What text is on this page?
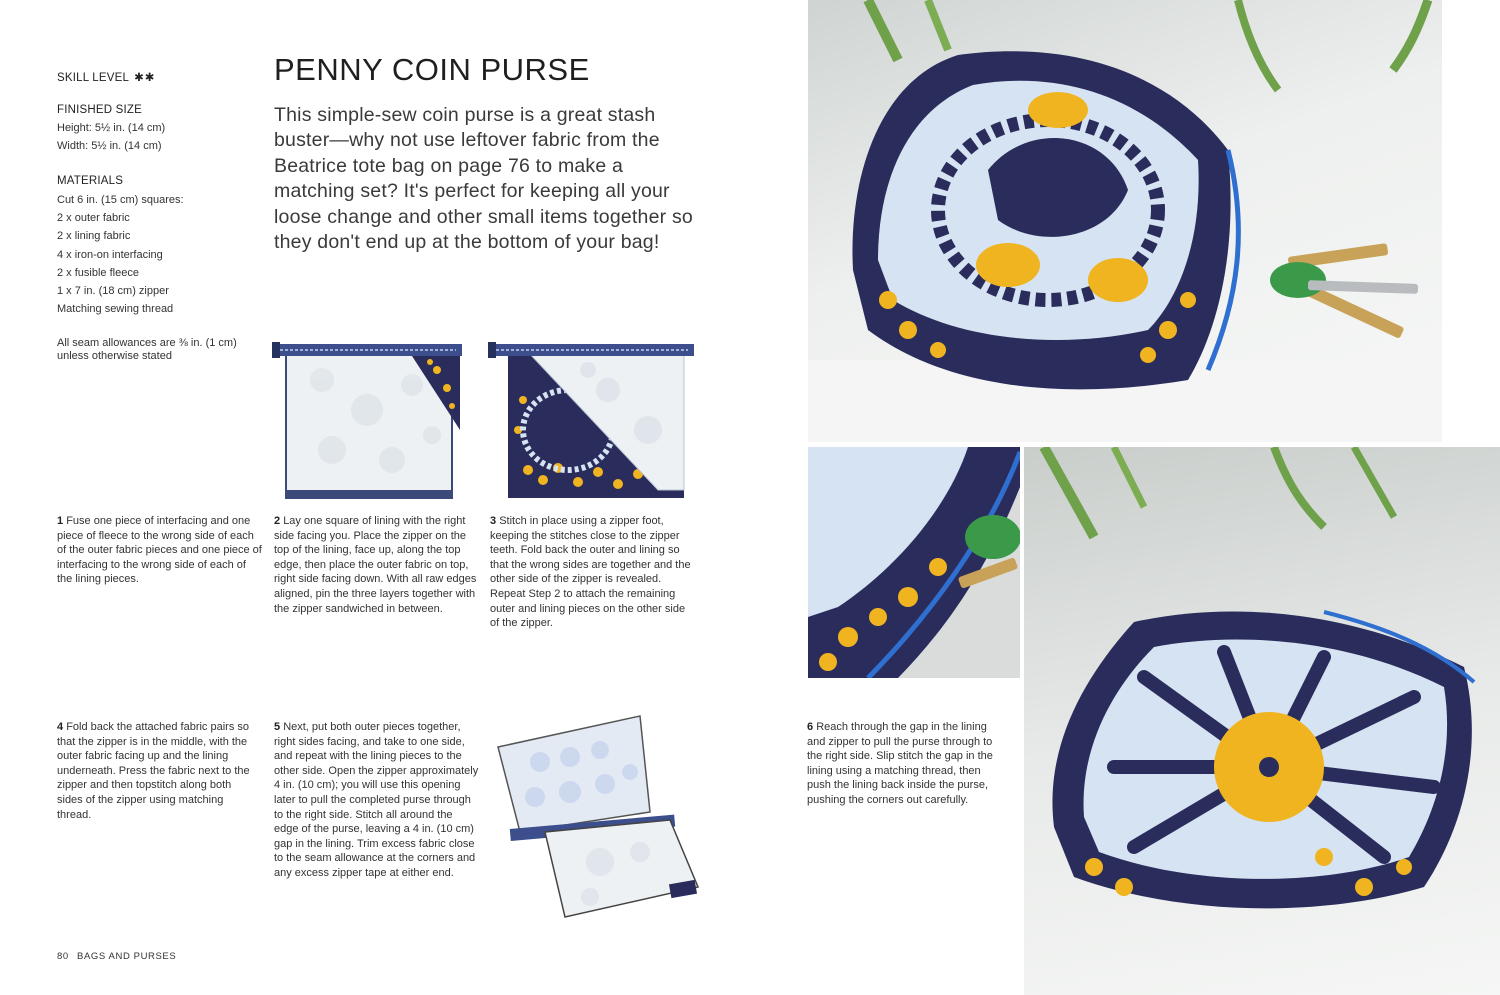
SKILL LEVEL ✱✱
FINISHED SIZE
Height: 5½ in. (14 cm)
Width: 5½ in. (14 cm)
MATERIALS
Cut 6 in. (15 cm) squares:
2 x outer fabric
2 x lining fabric
4 x iron-on interfacing
2 x fusible fleece
1 x 7 in. (18 cm) zipper
Matching sewing thread
All seam allowances are ⅜ in. (1 cm)
unless otherwise stated
PENNY COIN PURSE
This simple-sew coin purse is a great stash buster—why not use leftover fabric from the Beatrice tote bag on page 76 to make a matching set? It's perfect for keeping all your loose change and other small items together so they don't end up at the bottom of your bag!
1 Fuse one piece of interfacing and one piece of fleece to the wrong side of each of the outer fabric pieces and one piece of interfacing to the wrong side of each of the lining pieces.
2 Lay one square of lining with the right side facing you. Place the zipper on the top of the lining, face up, along the top edge, then place the outer fabric on top, right side facing down. With all raw edges aligned, pin the three layers together with the zipper sandwiched in between.
3 Stitch in place using a zipper foot, keeping the stitches close to the zipper teeth. Fold back the outer and lining so that the wrong sides are together and the other side of the zipper is revealed. Repeat Step 2 to attach the remaining outer and lining pieces on the other side of the zipper.
4 Fold back the attached fabric pairs so that the zipper is in the middle, with the outer fabric facing up and the lining underneath. Press the fabric next to the zipper and then topstitch along both sides of the zipper using matching thread.
5 Next, put both outer pieces together, right sides facing, and take to one side, and repeat with the lining pieces to the other side. Open the zipper approximately 4 in. (10 cm); you will use this opening later to pull the completed purse through to the right side. Stitch all around the edge of the purse, leaving a 4 in. (10 cm) gap in the lining. Trim excess fabric close to the seam allowance at the corners and any excess zipper tape at either end.
6 Reach through the gap in the lining and zipper to pull the purse through to the right side. Slip stitch the gap in the lining using a matching thread, then push the lining back inside the purse, pushing the corners out carefully.
80 BAGS AND PURSES
